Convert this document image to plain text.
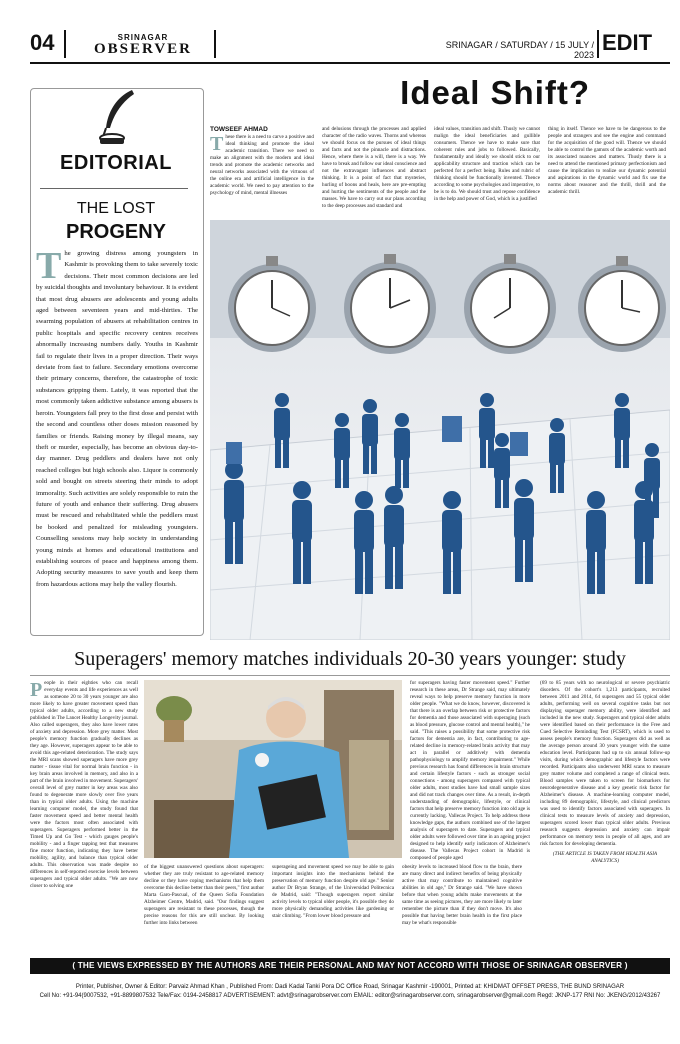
04	SRINAGAR
OBSERVER	SRINAGAR / SATURDAY / 15 JULY / 2023 EDIT
EDITORIAL
THE LOST
PROGENY
The growing distress among youngsters in Kashmir is provoking them to take severely toxic decisions. Their most common decisions are led by suicidal thoughts and involuntary behaviour. It is evident that most drug abusers are adolescents and young adults aged between seventeen years and mid-thirties. The swarming population of abusers at rehabilitation centres in public hospitals and specific recovery centres receives abnormally increasing numbers daily. Youths in Kashmir fail to regulate their lives in a proper direction. Their ways deviate from fast to failure. Secondary emotions overcome their primary concerns, therefore, the catastrophe of toxic substances gripping them. Lately, it was reported that the most commonly taken addictive substance among abusers is heroin. Youngsters fall prey to the first dose and persist with the second and countless other doses mission reasoned by families or friends. Raising money by illegal means, say theft or murder, especially, has become an obvious day-to-day manner. Drug peddlers and dealers have not only reached colleges but high schools also. Liquor is commonly sold and bought on streets steering their minds to adopt immorality. Such activities are solely responsible to ruin the future of youth and enhance their suffering. Drug abusers must be rescued and rehabilitated while the peddlers must be booked and penalized for misleading youngsters. Counselling sessions may help society in understanding young minds at homes and educational institutions and establishing sources of peace and happiness among them. Adopting security measures to save youth and keep them from hazardous actions may help the valley flourish.
Ideal Shift?
TOWSEEF AHMAD
These there is a need to carve a positive and ideal thinking and promote the ideal academic transition. There we need to make an alignment with the modern and ideal trends and promote the academic networks and neural networks associated with the virtuous of the online era and artificial intelligence in the academic world. We need to pay attention to the psychology of mind, mental illnesses
and delusions through the processes and applied character of the radio waves. Thorns and whereas we should focus on the pursues of ideal things and facts and not the pinnacle and distractions. Hence, where there is a will, there is a way. We have to break and follow our ideal conscience and not the extravagant influences and abstract thinking. It is a point of fact that mysteries, hurling of boons and heals, here are pre-empting and hurting the sentiments of the people and the masses. We have to carry out our plans according to the deep processes and standard and
ideal values, transition and shift. Thusly we cannot malign the ideal beneficiaries and gullible consumers. Thence we have to make sure that coherent rules and jobs to followed. Basically, fundamentally and ideally we should stick to our applicability structure and traction which can be perfected for a perfect being. Rules and rubric of thinking should be functionally invented. Thence according to some psychologies and imperative, to be is to do. We should trust and repose confidence in the help and power of God, which is a justified
thing in itself. Thence we have to be dangerous to the people and strangers and see the engine and command for the acquisition of the good will. Thence we should be able to control the gamuts of the academic worth and its associated nuances and matters. Thusly there is a need to attend the mentioned primary perfectionism and cause the implication to realize our dynamic potential and aspirations in the dynamic world and fix use the norms about reasoner and the thrill, thrill and the academic thrill.
Superagers' memory matches individuals 20-30 years younger: study
People in their eighties who can recall everyday events and life experiences as well as someone 20 to 30 years younger are also more likely to have greater movement speed than typical older adults, according to a new study published in The Lancet Healthy Longevity journal. Also called superagers, they also have lower rates of anxiety and depression. More grey matter. Most people's memory function gradually declines as they age. However, superagers appear to be able to avoid this age-related deterioration. The study says the MRI scans showed superagers have more grey matter - tissue vital for normal brain function - in key brain areas involved in memory, and also in a part of the brain involved in movement. Superagers' overall level of grey matter in key areas was also found to degenerate more slowly over five years than in typical older adults. Using the machine learning computer model, the study found that faster movement speed and better mental health were the factors most often associated with superagers. Superagers performed better in the Timed Up and Go Test - which gauges people's mobility - and a finger tapping test that measures fine motor function, indicating they have better mobility, agility, and balance than typical older adults. This observation was made despite no differences in self-reported exercise levels between superagers and typical older adults. "We are now closer to solving one
of the biggest unanswered questions about superagers: whether they are truly resistant to age-related memory decline or they have coping mechanisms that help them overcome this decline better than their peers," first author Marta Garo-Pascual, of the Queen Sofia Foundation Alzheimer Centre, Madrid, said. "Our findings suggest superagers are resistant to these processes, though the precise reasons for this are still unclear. By looking further into links between
superageing and movement speed we may be able to gain important insights into the mechanisms behind the preservation of memory function despite old age." Senior author Dr Bryan Strange, of the Universidad Politecnica de Madrid, said: "Though superagers report similar activity levels to typical older people, it's possible they do more physically demanding activities like gardening or stair climbing. "From lower blood pressure and
obesity levels to increased blood flow to the brain, there are many direct and indirect benefits of being physically active that may contribute to maintained cognitive abilities in old age," Dr Strange said. "We have shown before that when young adults make movements at the same time as seeing pictures, they are more likely to later remember the picture than if they don't move. It's also possible that having better brain health in the first place may be what's responsible
for superagers having faster movement speed." Further research in these areas, Dr Strange said, may ultimately reveal ways to help preserve memory function in more older people. "What we do know, however, discovered is that there is an overlap between risk or protective factors for dementia and those associated with superaging (such as blood pressure, glucose control and mental health)," he said. "This raises a possibility that some protective risk factors for dementia are, in fact, contributing to age-related decline in memory-related brain activity that may act in parallel or additively with dementia pathophysiology to amplify memory impairment." While previous research has found differences in brain structure and certain lifestyle factors - such as stronger social connections - among superagers compared with typical older adults, most studies have had small sample sizes and did not track changes over time. As a result, in-depth understanding of demographic, lifestyle, or clinical factors that help preserve memory function into old age is currently lacking. Vallecas Project. To help address these knowledge gaps, the authors combined use of the largest analysis of superagers to date. Superagers and typical older adults were followed over time in an ageing project designed to help identify early indicators of Alzheimer's disease. The Vallecas Project cohort in Madrid is composed of people aged
(69 to 85 years with no neurological or severe psychiatric disorders. Of the cohort's 1,213 participants, recruited between 2011 and 2014, 64 superagers and 55 typical older adults, performing well on several cognitive tasks but not displaying superager memory ability, were identified and included in the new study. Superagers and typical older adults were identified based on their performance in the Free and Cued Selective Reminding Test (FCSRT), which is used to assess people's memory function. Superagers did as well as the average person around 30 years younger with the same education level. Participants had up to six annual follow-up visits, during which demographic and lifestyle factors were recorded. Participants also underwent MRI scans to measure grey matter volume and completed a range of clinical tests. Blood samples were taken to screen for biomarkers for neurodegenerative disease and a key genetic risk factor for Alzheimer's disease. A machine-learning computer model, including 89 demographic, lifestyle, and clinical predictors was used to identify factors associated with superagers. In clinical tests to measure levels of anxiety and depression, superagers scored lower than typical older adults. Previous research suggests depression and anxiety can impair performance on memory tests in people of all ages, and are risk factors for developing dementia.
(THE ARTICLE IS TAKEN FROM HEALTH ASIA ANALYTICS)
( THE VIEWS EXPRESSED BY THE AUTHORS ARE THEIR PERSONAL AND MAY NOT ACCORD WITH THOSE OF SRINAGAR OBSERVER )
Printer, Publisher, Owner & Editor: Parvaiz Ahmad Khan , Published From: Dadi Kadal Tanki Pora DC Office Road, Srinagar Kashmir -190001, Printed at: KHIDMAT OFFSET PRESS, THE BUND SRINAGAR
Cell No: +91-94(9007532, +91-8899807532 Tele/Fax: 0194-2458817 ADVERTISEMENT: advt@srinagarobserver.com EMAIL: editor@srinagarobserver.com, srinagarobserver@gmail.com Regd: JKNP-177 RNI No: JKENG/2012/43267
